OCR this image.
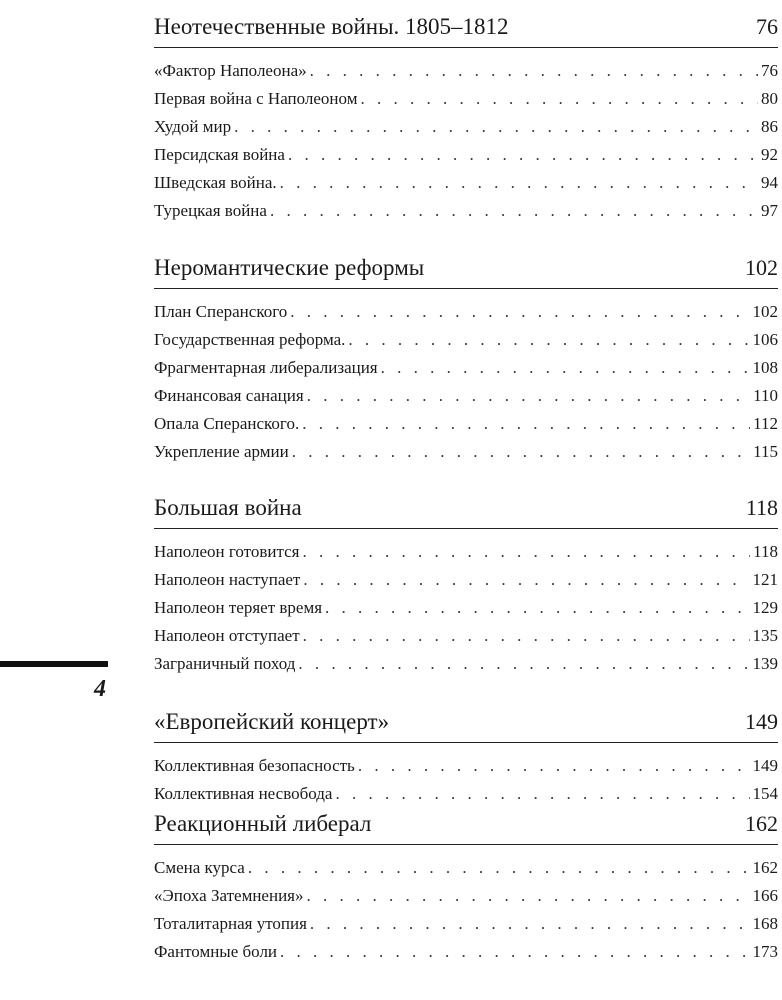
4
Неотечественные войны. 1805–1812	76
«Фактор Наполеона» . . .	76
Первая война с Наполеоном . . .	80
Худой мир . . .	86
Персидская война . . .	92
Шведская война. . . .	94
Турецкая война . . .	97
Неромантические реформы	102
План Сперанского . . .	102
Государственная реформа. . . .	106
Фрагментарная либерализация . . .	108
Финансовая санация . . .	110
Опала Сперанского. . . .	112
Укрепление армии . . .	115
Большая война	118
Наполеон готовится . . .	118
Наполеон наступает . . .	121
Наполеон теряет время . . .	129
Наполеон отступает . . .	135
Заграничный поход . . .	139
«Европейский концерт»	149
Коллективная безопасность . . .	149
Коллективная несвобода . . .	154
Реакционный либерал	162
Смена курса . . .	162
«Эпоха Затемнения» . . .	166
Тоталитарная утопия . . .	168
Фантомные боли . . .	173
